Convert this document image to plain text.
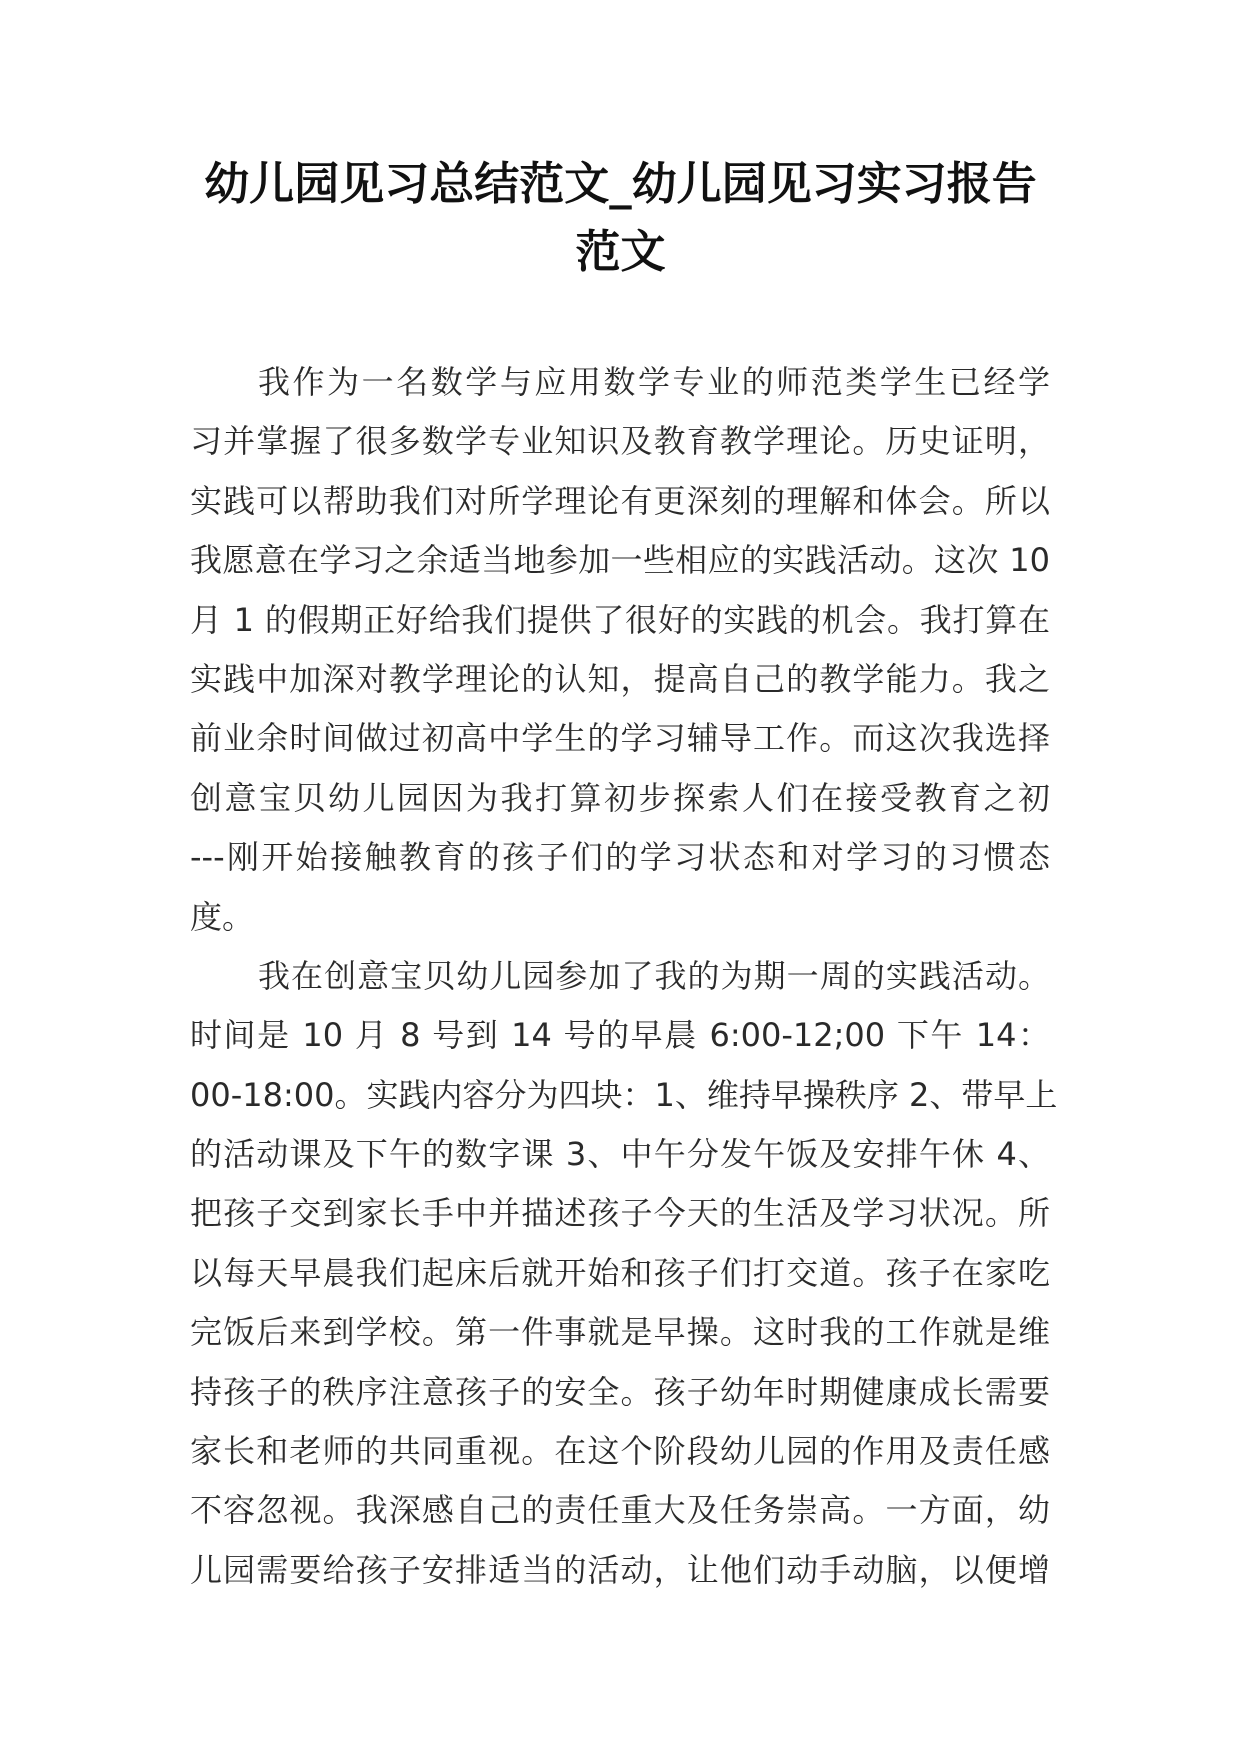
幼儿园见习总结范文_幼儿园见习实习报告
范文
我作为一名数学与应用数学专业的师范类学生已经学
习并掌握了很多数学专业知识及教育教学理论。历史证明，
实践可以帮助我们对所学理论有更深刻的理解和体会。所以
我愿意在学习之余适当地参加一些相应的实践活动。这次 10
月 1 的假期正好给我们提供了很好的实践的机会。我打算在
实践中加深对教学理论的认知，提高自己的教学能力。我之
前业余时间做过初高中学生的学习辅导工作。而这次我选择
创意宝贝幼儿园因为我打算初步探索人们在接受教育之初
---刚开始接触教育的孩子们的学习状态和对学习的习惯态
度。
我在创意宝贝幼儿园参加了我的为期一周的实践活动。
时间是 10 月 8 号到 14 号的早晨 6:00-12;00 下午 14：
00-18:00。实践内容分为四块：1、维持早操秩序 2、带早上
的活动课及下午的数字课 3、中午分发午饭及安排午休 4、
把孩子交到家长手中并描述孩子今天的生活及学习状况。所
以每天早晨我们起床后就开始和孩子们打交道。孩子在家吃
完饭后来到学校。第一件事就是早操。这时我的工作就是维
持孩子的秩序注意孩子的安全。孩子幼年时期健康成长需要
家长和老师的共同重视。在这个阶段幼儿园的作用及责任感
不容忽视。我深感自己的责任重大及任务崇高。一方面，幼
儿园需要给孩子安排适当的活动，让他们动手动脑，以便增
